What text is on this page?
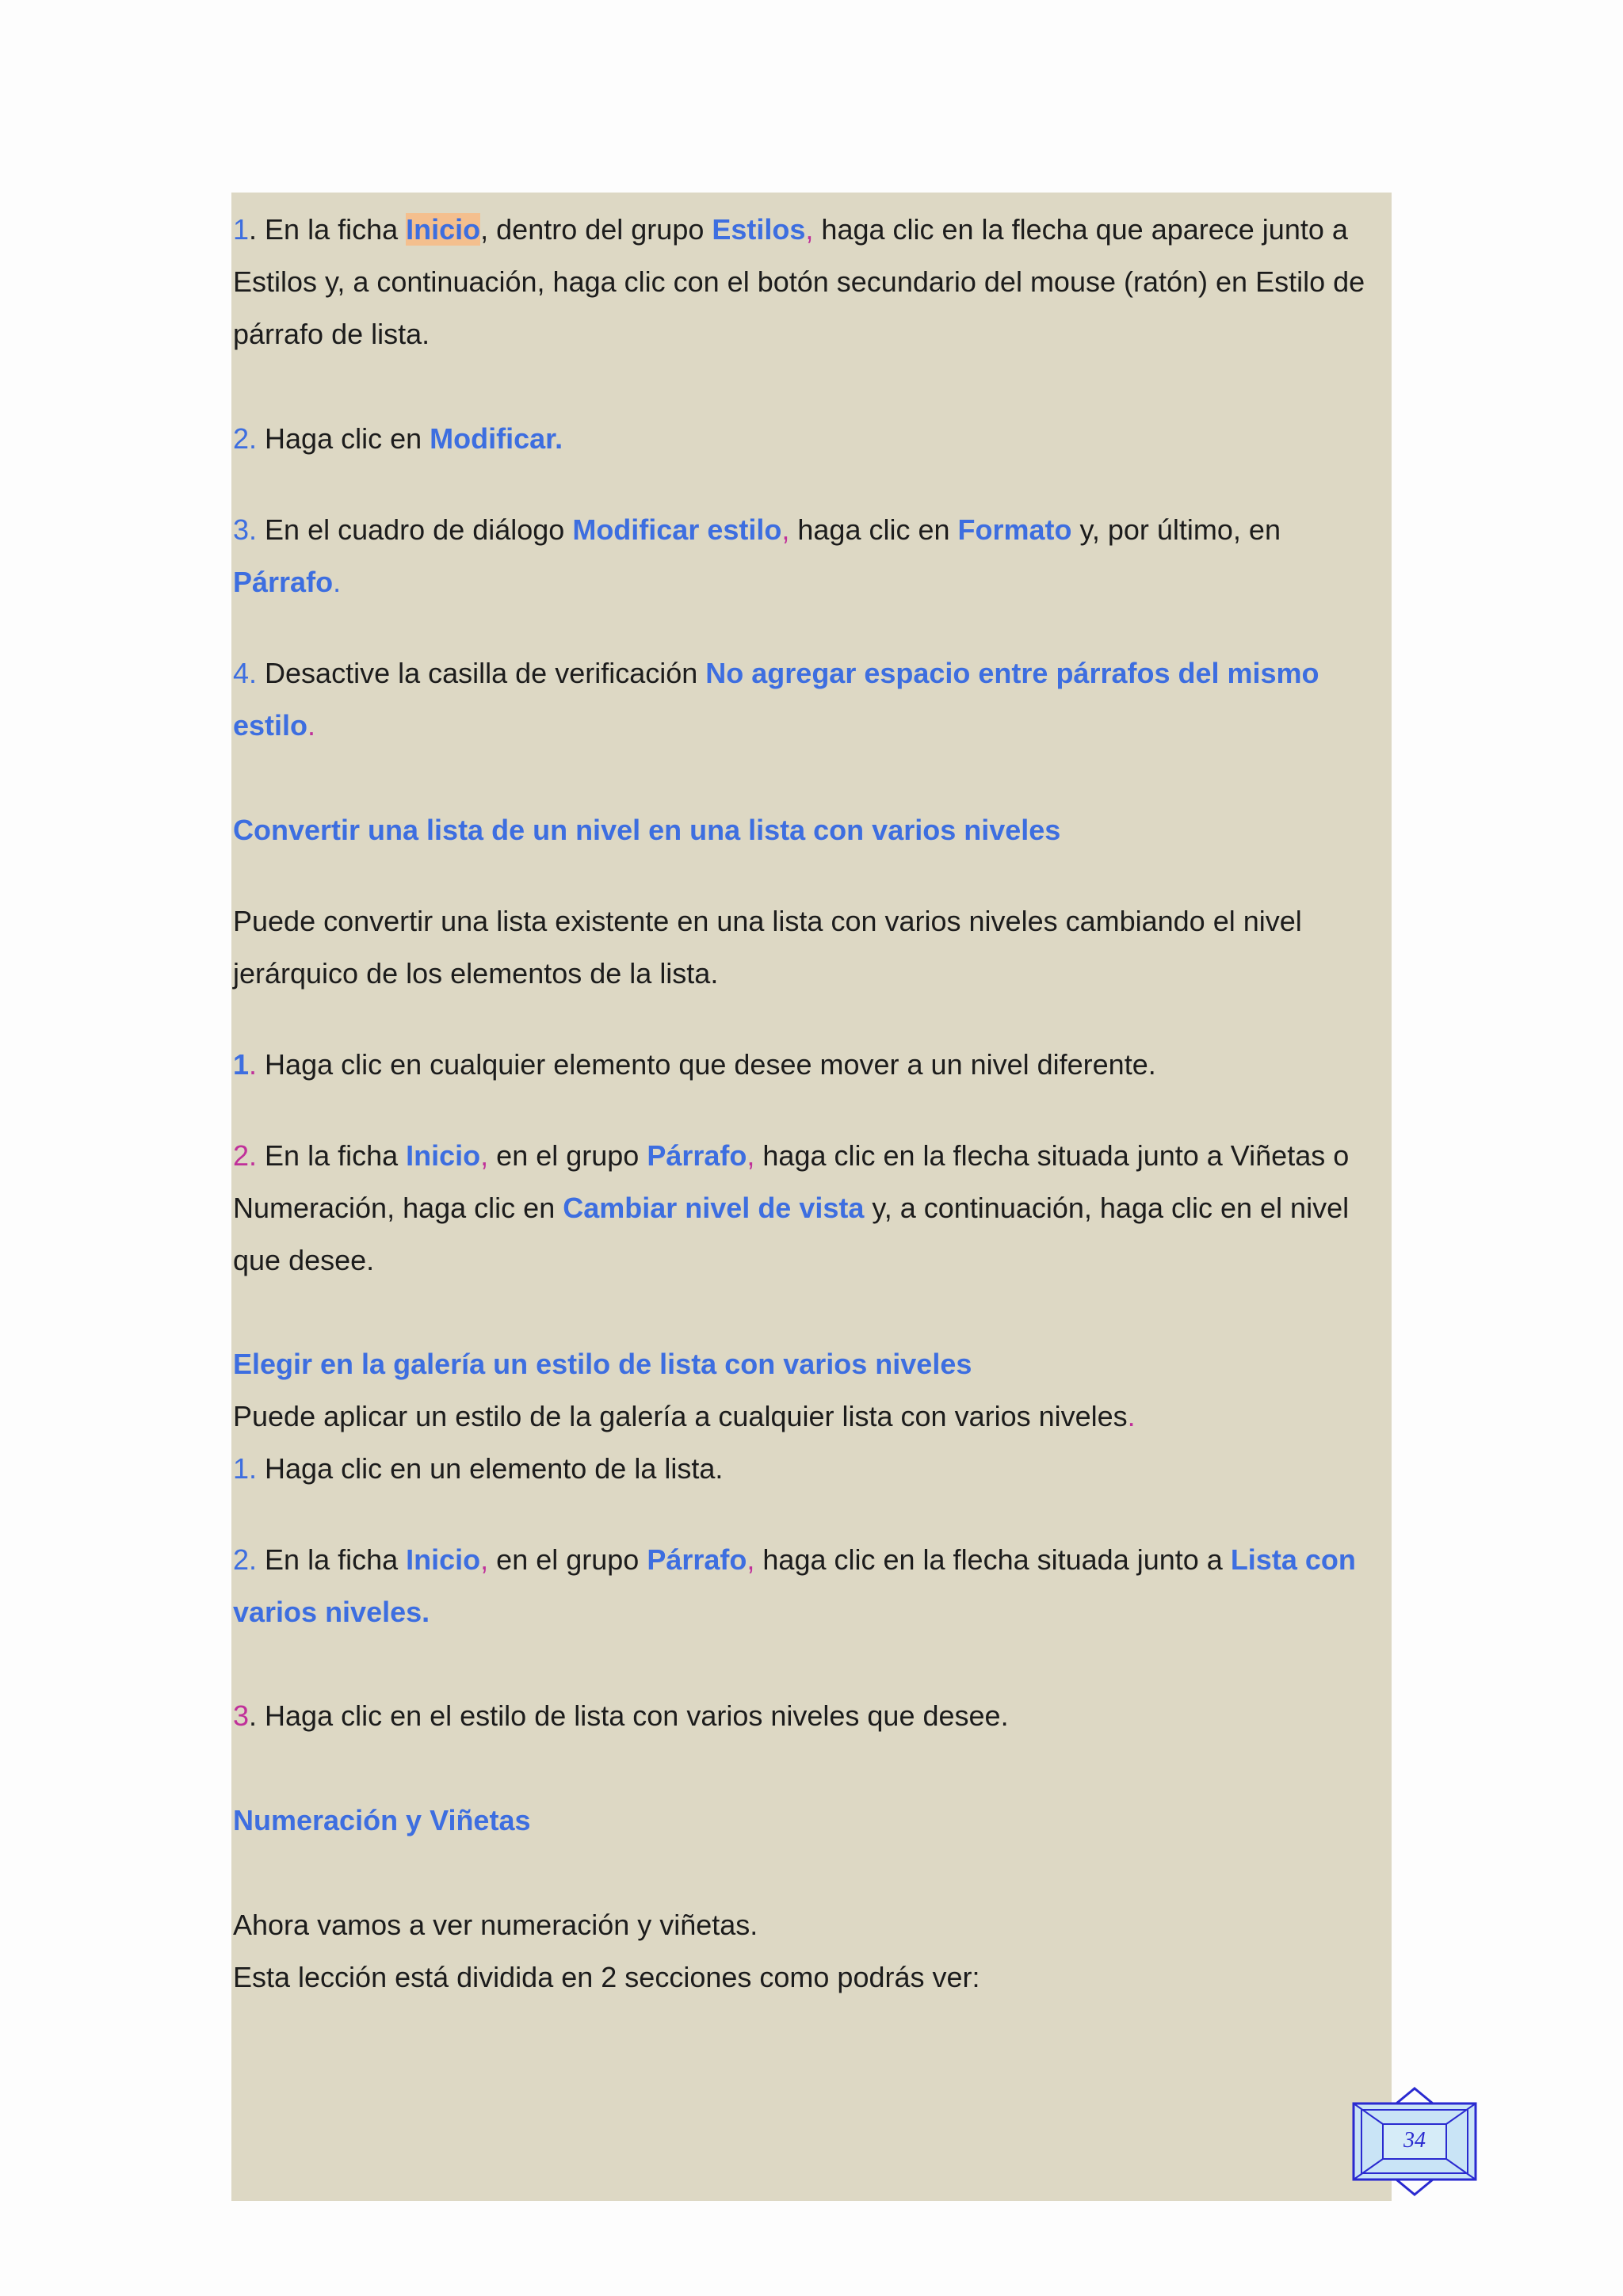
1. En la ficha Inicio, dentro del grupo Estilos, haga clic en la flecha que aparece junto a
Estilos y, a continuación, haga clic con el botón secundario del mouse (ratón) en Estilo de
párrafo de lista.
2. Haga clic en Modificar.
3. En el cuadro de diálogo Modificar estilo, haga clic en Formato y, por último, en
Párrafo.
4. Desactive la casilla de verificación No agregar espacio entre párrafos del mismo
estilo.
Convertir una lista de un nivel en una lista con varios niveles
Puede convertir una lista existente en una lista con varios niveles cambiando el nivel
jerárquico de los elementos de la lista.
1. Haga clic en cualquier elemento que desee mover a un nivel diferente.
2. En la ficha Inicio, en el grupo Párrafo, haga clic en la flecha situada junto a Viñetas o
Numeración, haga clic en Cambiar nivel de vista y, a continuación, haga clic en el nivel
que desee.
Elegir en la galería un estilo de lista con varios niveles
Puede aplicar un estilo de la galería a cualquier lista con varios niveles.
1. Haga clic en un elemento de la lista.
2. En la ficha Inicio, en el grupo Párrafo, haga clic en la flecha situada junto a Lista con
varios niveles.
3. Haga clic en el estilo de lista con varios niveles que desee.
Numeración y Viñetas
Ahora vamos a ver numeración y viñetas.
Esta lección está dividida en 2 secciones como podrás ver:
34
